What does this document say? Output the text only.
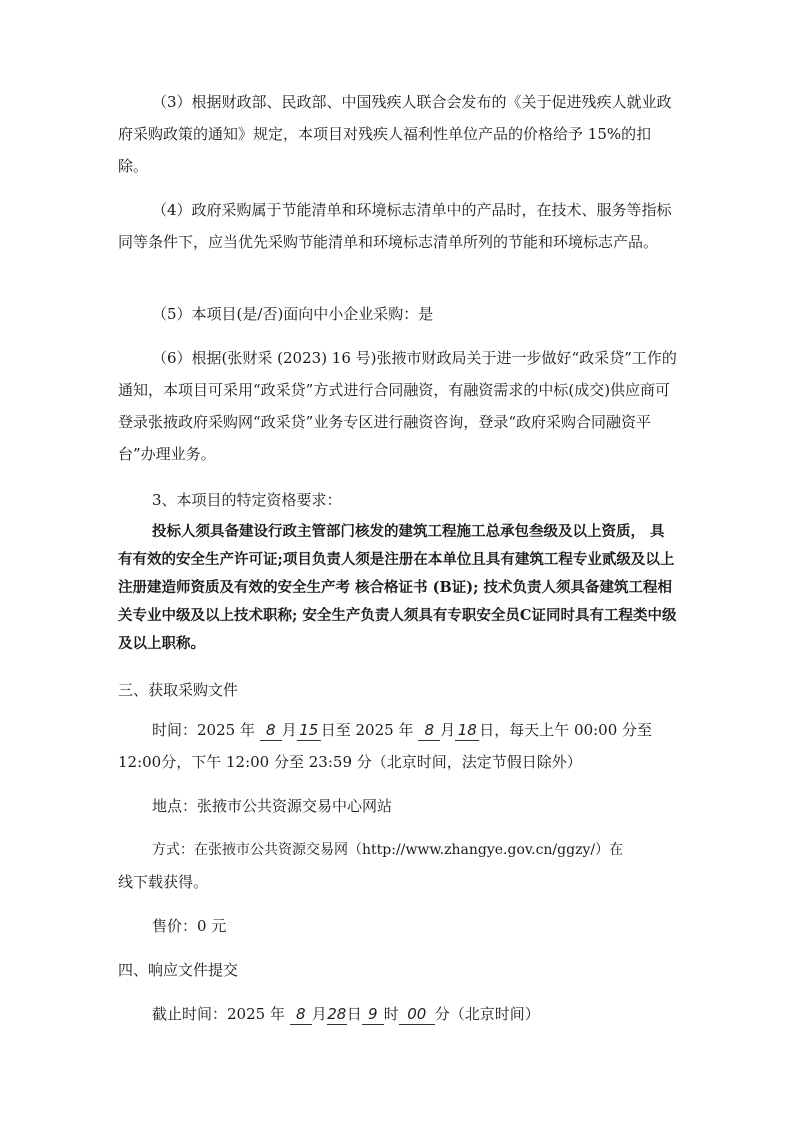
（3）根据财政部、民政部、中国残疾人联合会发布的《关于促进残疾人就业政府采购政策的通知》规定，本项目对残疾人福利性单位产品的价格给予 15%的扣除。

（4）政府采购属于节能清单和环境标志清单中的产品时，在技术、服务等指标同等条件下，应当优先采购节能清单和环境标志清单所列的节能和环境标志产品。

（5）本项目(是/否)面向中小企业采购：是

（6）根据(张财采 (2023) 16 号)张掖市财政局关于进一步做好“政采贷”工作的通知，本项目可采用“政采贷”方式进行合同融资，有融资需求的中标(成交)供应商可登录张掖政府采购网“政采贷”业务专区进行融资咨询，登录“政府采购合同融资平台”办理业务。

3、本项目的特定资格要求：

投标人须具备建设行政主管部门核发的建筑工程施工总承包叁级及以上资质， 具有有效的安全生产许可证;项目负责人须是注册在本单位且具有建筑工程专业贰级及以上注册建造师资质及有效的安全生产考 核合格证书 (B证); 技术负责人须具备建筑工程相关专业中级及以上技术职称; 安全生产负责人须具有专职安全员C证同时具有工程类中级及以上职称。

三、获取采购文件

时间：2025 年 8 月 15 日至 2025 年 8 月 18 日，每天上午 00:00 分至

12:00分，下午 12:00 分至 23:59 分（北京时间，法定节假日除外）

地点：张掖市公共资源交易中心网站

方式：在张掖市公共资源交易网（http://www.zhangye.gov.cn/ggzy/）在

线下载获得。

售价：0 元

四、响应文件提交

截止时间：2025 年 8 月28日 9 时 00 分（北京时间）
